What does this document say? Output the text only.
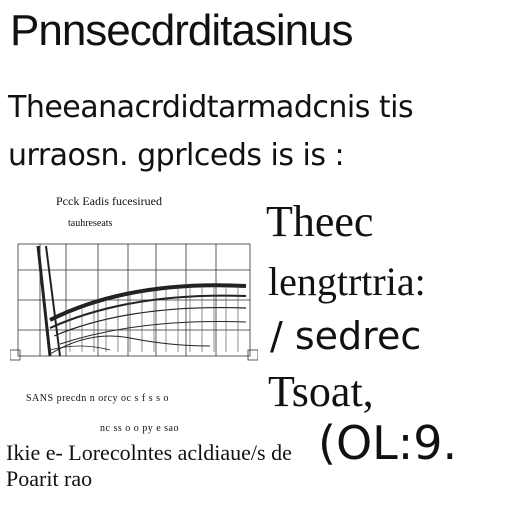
Pnnsecdrditasinus
Theeanacrdidtarmadcnis tis
urraosn. gprlceds is is :
Pcck Eadis fucesirued
tauhreseats
SANS precdn n orcy oc s f s s o
nc ss o o py e sao
Theec
lengtrtria:
/ sedrec
Tsoat,
Ikie e- Lorecolntes acldiaue/s de (OL:9.
Poarit rao
